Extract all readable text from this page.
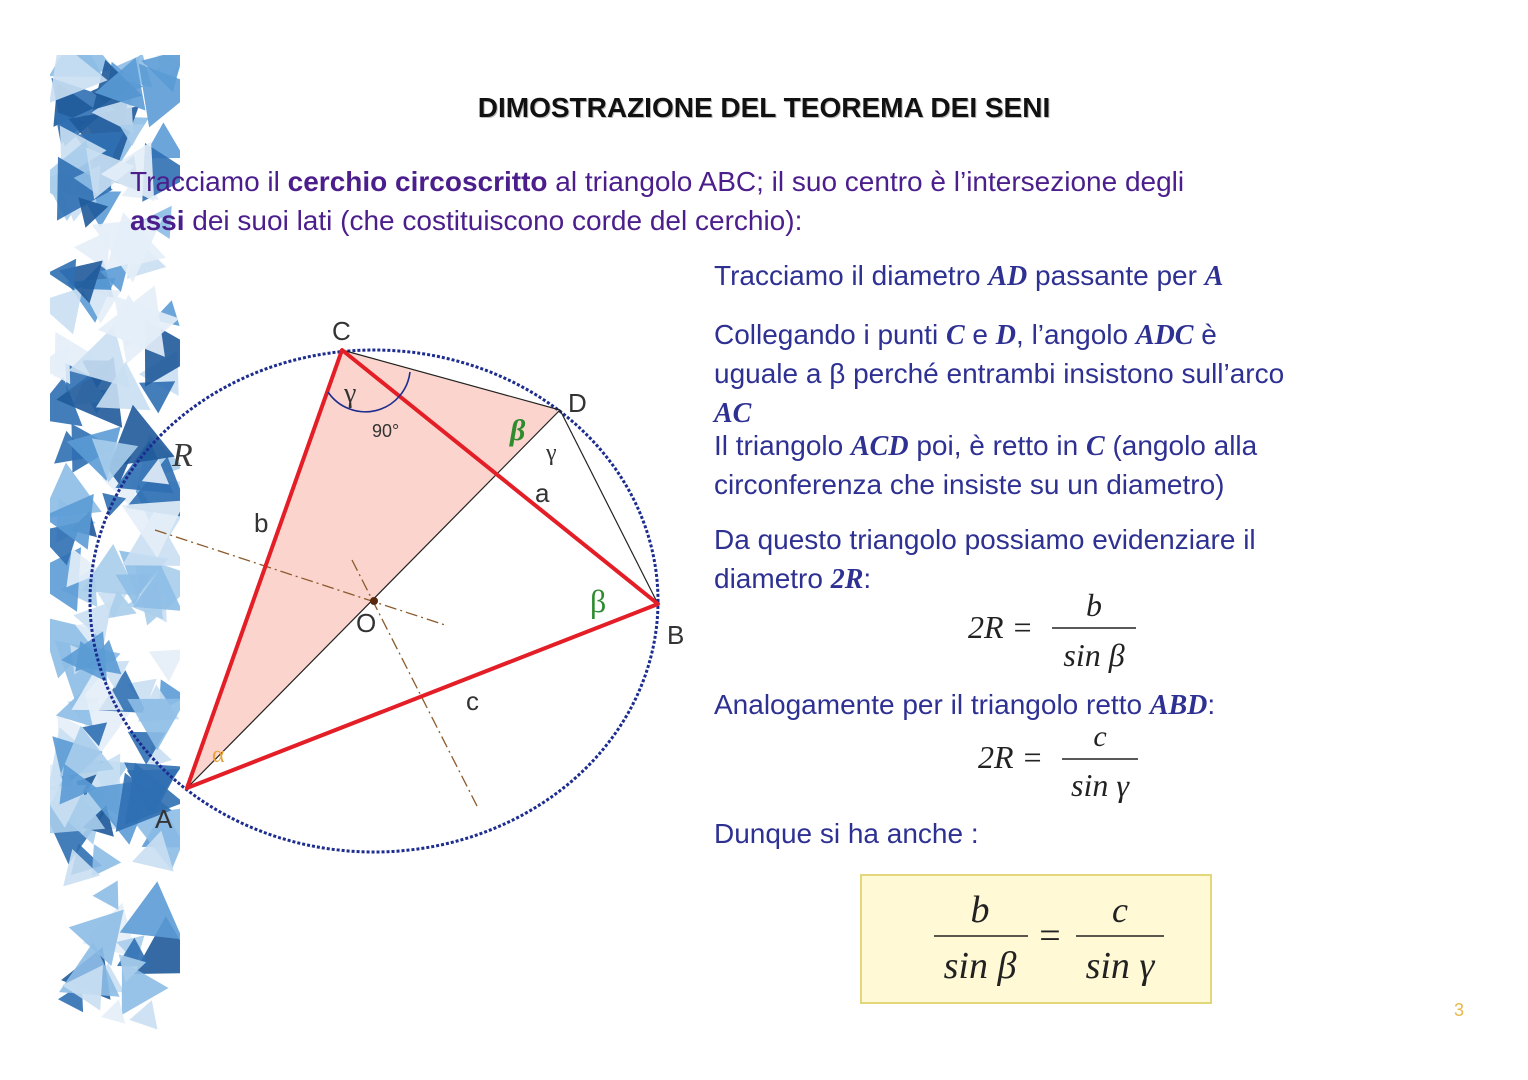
DIMOSTRAZIONE DEL TEOREMA DEI SENI
Tracciamo il cerchio circoscritto al triangolo ABC; il suo centro è l’intersezione degli
assi dei suoi lati (che costituiscono corde del cerchio):
C
D
B
A
O
a
b
c
R
α
β
β
γ
γ
90°
Tracciamo il diametro AD passante per A
Collegando i punti C e D, l’angolo ADC è
uguale a β perché entrambi insistono sull’arco
AC
Il triangolo ACD poi, è retto in C (angolo alla
circonferenza che insiste su un diametro)
Da questo triangolo possiamo evidenziare il
diametro 2R:
Analogamente per il triangolo retto ABD:
Dunque si ha anche :
2R =
b
sin β
2R =
c
sin γ
b
sin β
=
c
sin γ
3
